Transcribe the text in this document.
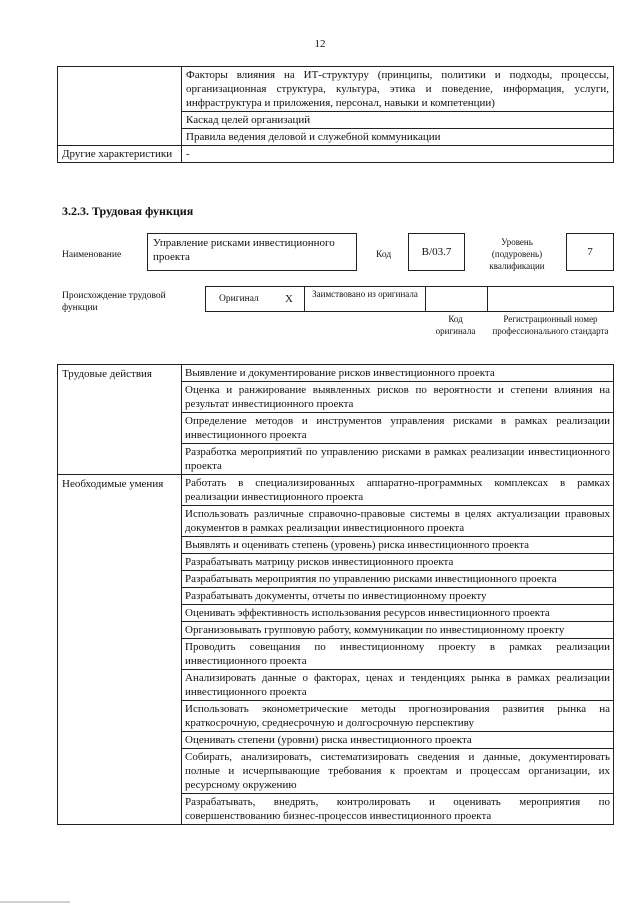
12
	Факторы влияния на ИТ-структуру (принципы, политики и подходы, процессы, организационная структура, культура, этика и поведение, информация, услуги, инфраструктура и приложения, персонал, навыки и компетенции)
	Каскад целей организаций
	Правила ведения деловой и служебной коммуникации
Другие характеристики	-
3.2.3. Трудовая функция
Наименование
Управление рисками инвестиционного проекта	Код	B/03.7
Уровень (подуровень) квалификации
7
Происхождение трудовой функции
Оригинал X	Заимствовано из оригинала
Код оригинала
Регистрационный номер профессионального стандарта
Трудовые действия	Выявление и документирование рисков инвестиционного проекта
	Оценка и ранжирование выявленных рисков по вероятности и степени влияния на результат инвестиционного проекта
	Определение методов и инструментов управления рисками в рамках реализации инвестиционного проекта
	Разработка мероприятий по управлению рисками в рамках реализации инвестиционного проекта
Необходимые умения	Работать в специализированных аппаратно-программных комплексах в рамках реализации инвестиционного проекта
	Использовать различные справочно-правовые системы в целях актуализации правовых документов в рамках реализации инвестиционного проекта
	Выявлять и оценивать степень (уровень) риска инвестиционного проекта
	Разрабатывать матрицу рисков инвестиционного проекта
	Разрабатывать мероприятия по управлению рисками инвестиционного проекта
	Разрабатывать документы, отчеты по инвестиционному проекту
	Оценивать эффективность использования ресурсов инвестиционного проекта
	Организовывать групповую работу, коммуникации по инвестиционному проекту
	Проводить совещания по инвестиционному проекту в рамках реализации инвестиционного проекта
	Анализировать данные о факторах, ценах и тенденциях рынка в рамках реализации инвестиционного проекта
	Использовать эконометрические методы прогнозирования развития рынка на краткосрочную, среднесрочную и долгосрочную перспективу
	Оценивать степени (уровни) риска инвестиционного проекта
	Собирать, анализировать, систематизировать сведения и данные, документировать полные и исчерпывающие требования к проектам и процессам организации, их ресурсному окружению
	Разрабатывать, внедрять, контролировать и оценивать мероприятия по совершенствованию бизнес-процессов инвестиционного проекта
